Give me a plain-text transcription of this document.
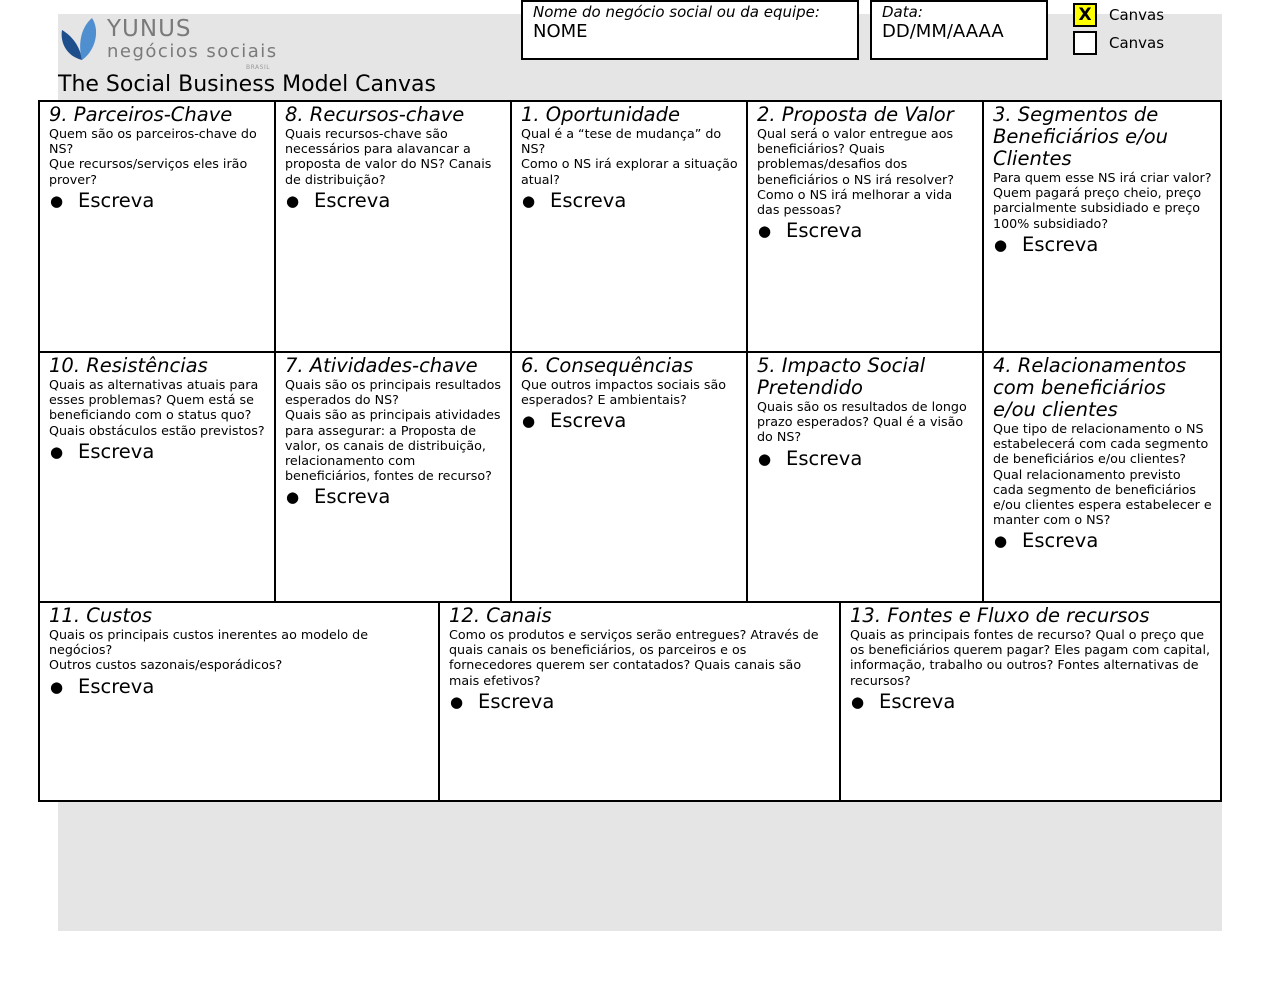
YUNUS
negócios sociais
BRASIL
The Social Business Model Canvas
Nome do negócio social ou da equipe:
NOME
Data:
DD/MM/AAAA
X	Canvas
Canvas
9. Parceiros-Chave

Quem são os parceiros-chave do NS?

Que recursos/serviços eles irão prover?

● Escreva
8. Recursos-chave

Quais recursos-chave são necessários para alavancar a proposta de valor do NS? Canais de distribuição?

● Escreva
1. Oportunidade

Qual é a “tese de mudança” do NS?

Como o NS irá explorar a situação atual?

● Escreva
2. Proposta de Valor

Qual será o valor entregue aos beneficiários? Quais problemas/desafios dos beneficiários o NS irá resolver? Como o NS irá melhorar a vida das pessoas?

● Escreva
3. Segmentos de Beneficiários e/ou Clientes

Para quem esse NS irá criar valor?

Quem pagará preço cheio, preço parcialmente subsidiado e preço 100% subsidiado?

● Escreva
10. Resistências

Quais as alternativas atuais para esses problemas? Quem está se beneficiando com o status quo?

Quais obstáculos estão previstos?

● Escreva
7. Atividades-chave

Quais são os principais resultados esperados do NS?

Quais são as principais atividades para assegurar: a Proposta de valor, os canais de distribuição, relacionamento com beneficiários, fontes de recurso?

● Escreva
6. Consequências

Que outros impactos sociais são esperados? E ambientais?

● Escreva
5. Impacto Social Pretendido

Quais são os resultados de longo prazo esperados? Qual é a visão do NS?

● Escreva
4. Relacionamentos com beneficiários e/ou clientes

Que tipo de relacionamento o NS estabelecerá com cada segmento de beneficiários e/ou clientes? Qual relacionamento previsto cada segmento de beneficiários e/ou clientes espera estabelecer e manter com o NS?

● Escreva
11. Custos

Quais os principais custos inerentes ao modelo de negócios?

Outros custos sazonais/esporádicos?

● Escreva
12. Canais

Como os produtos e serviços serão entregues? Através de quais canais os beneficiários, os parceiros e os fornecedores querem ser contatados? Quais canais são mais efetivos?

● Escreva
13. Fontes e Fluxo de recursos

Quais as principais fontes de recurso? Qual o preço que os beneficiários querem pagar? Eles pagam com capital, informação, trabalho ou outros? Fontes alternativas de recursos?

● Escreva
